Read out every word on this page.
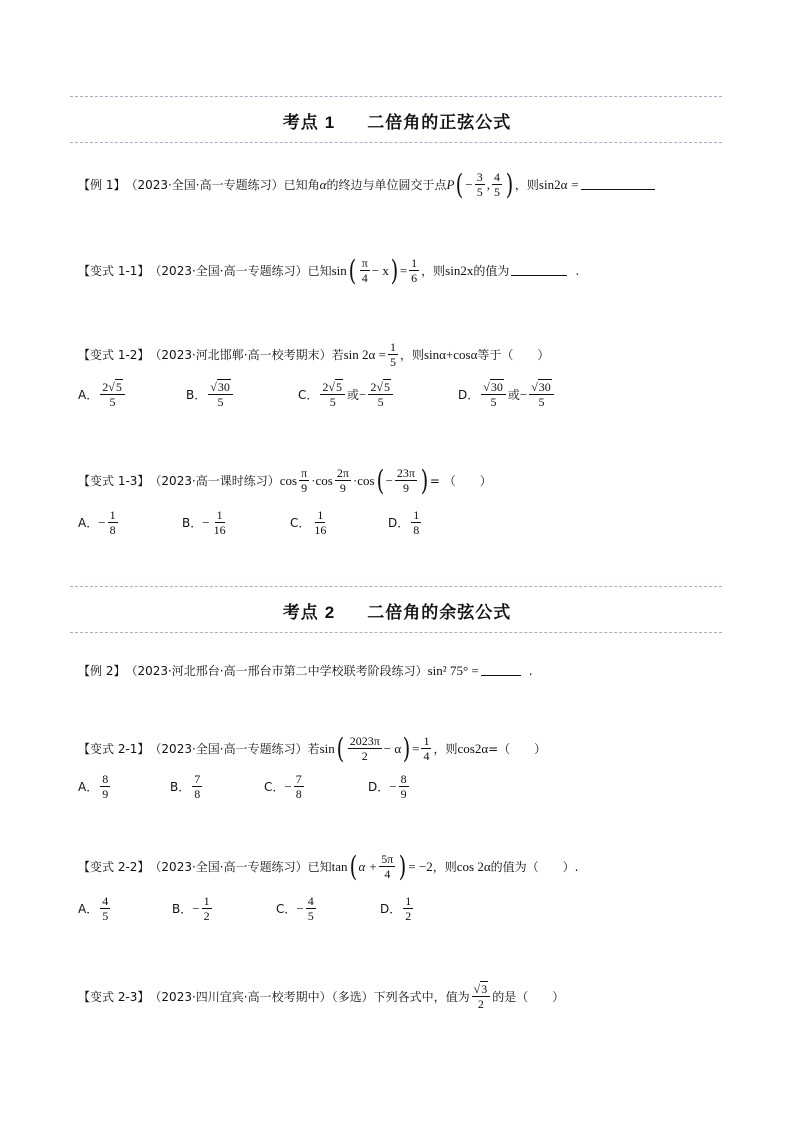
考点 1 二倍角的正弦公式
【例 1】 （2023·全国·高一专题练习） 已知角 α 的终边与单位圆交于点 P ( − $\frac{3}{5}$ , $\frac{4}{5}$ ) ，则 sin2α
=
【变式 1-1】 （2023·全国·高一专题练习） 已知 sin ( $\frac{\pi}{4} - x$ ) = $\frac{1}{6}$ ，则 sin2x 的值为	.
【变式 1-2】 （2023·河北邯郸·高一校考期末） 若 $\sin 2\alpha = \frac{1}{5}$ ，则 sinα+cosα 等于（　　）
A． $\frac{2√5}{5}$	B． $\frac{√30}{5}$	C． $\frac{2√5}{5}$ 或 − $\frac{2√5}{5}$	D． $\frac{√30}{5}$ 或 − $\frac{√30}{5}$
【变式 1-3】 （2023·高一课时练习） $\cos \frac{\pi}{9} \cdot \cos \frac{2\pi}{9} \cdot \cos$ ( − $\frac{23\pi}{9}$ ) = （　　）
A． − $\frac{1}{8}$	B． − $\frac{1}{16}$	C． $\frac{1}{16}$	D． $\frac{1}{8}$
考点 2 二倍角的余弦公式
【例 2】 （2023·河北邢台·高一邢台市第二中学校联考阶段练习） sin² 75° =	.
【变式 2-1】 （2023·全国·高一专题练习） 若 sin ( $\frac{2023\pi}{2} - \alpha$ ) = $\frac{1}{4}$ ，则 cos2α =（　　）
A． $\frac{8}{9}$	B． $\frac{7}{8}$	C． − $\frac{7}{8}$	D． − $\frac{8}{9}$
【变式 2-2】 （2023·全国·高一专题练习） 已知 tan ( $\alpha + \frac{5\pi}{4}$ ) = −2 ，则 cos 2α 的值为（　　）.
A． $\frac{4}{5}$	B． − $\frac{1}{2}$	C． − $\frac{4}{5}$	D． $\frac{1}{2}$
【变式 2-3】 （2023·四川宜宾·高一校考期中）（多选）下列各式中，值为 $\frac{√3}{2}$ 的是（　　）
